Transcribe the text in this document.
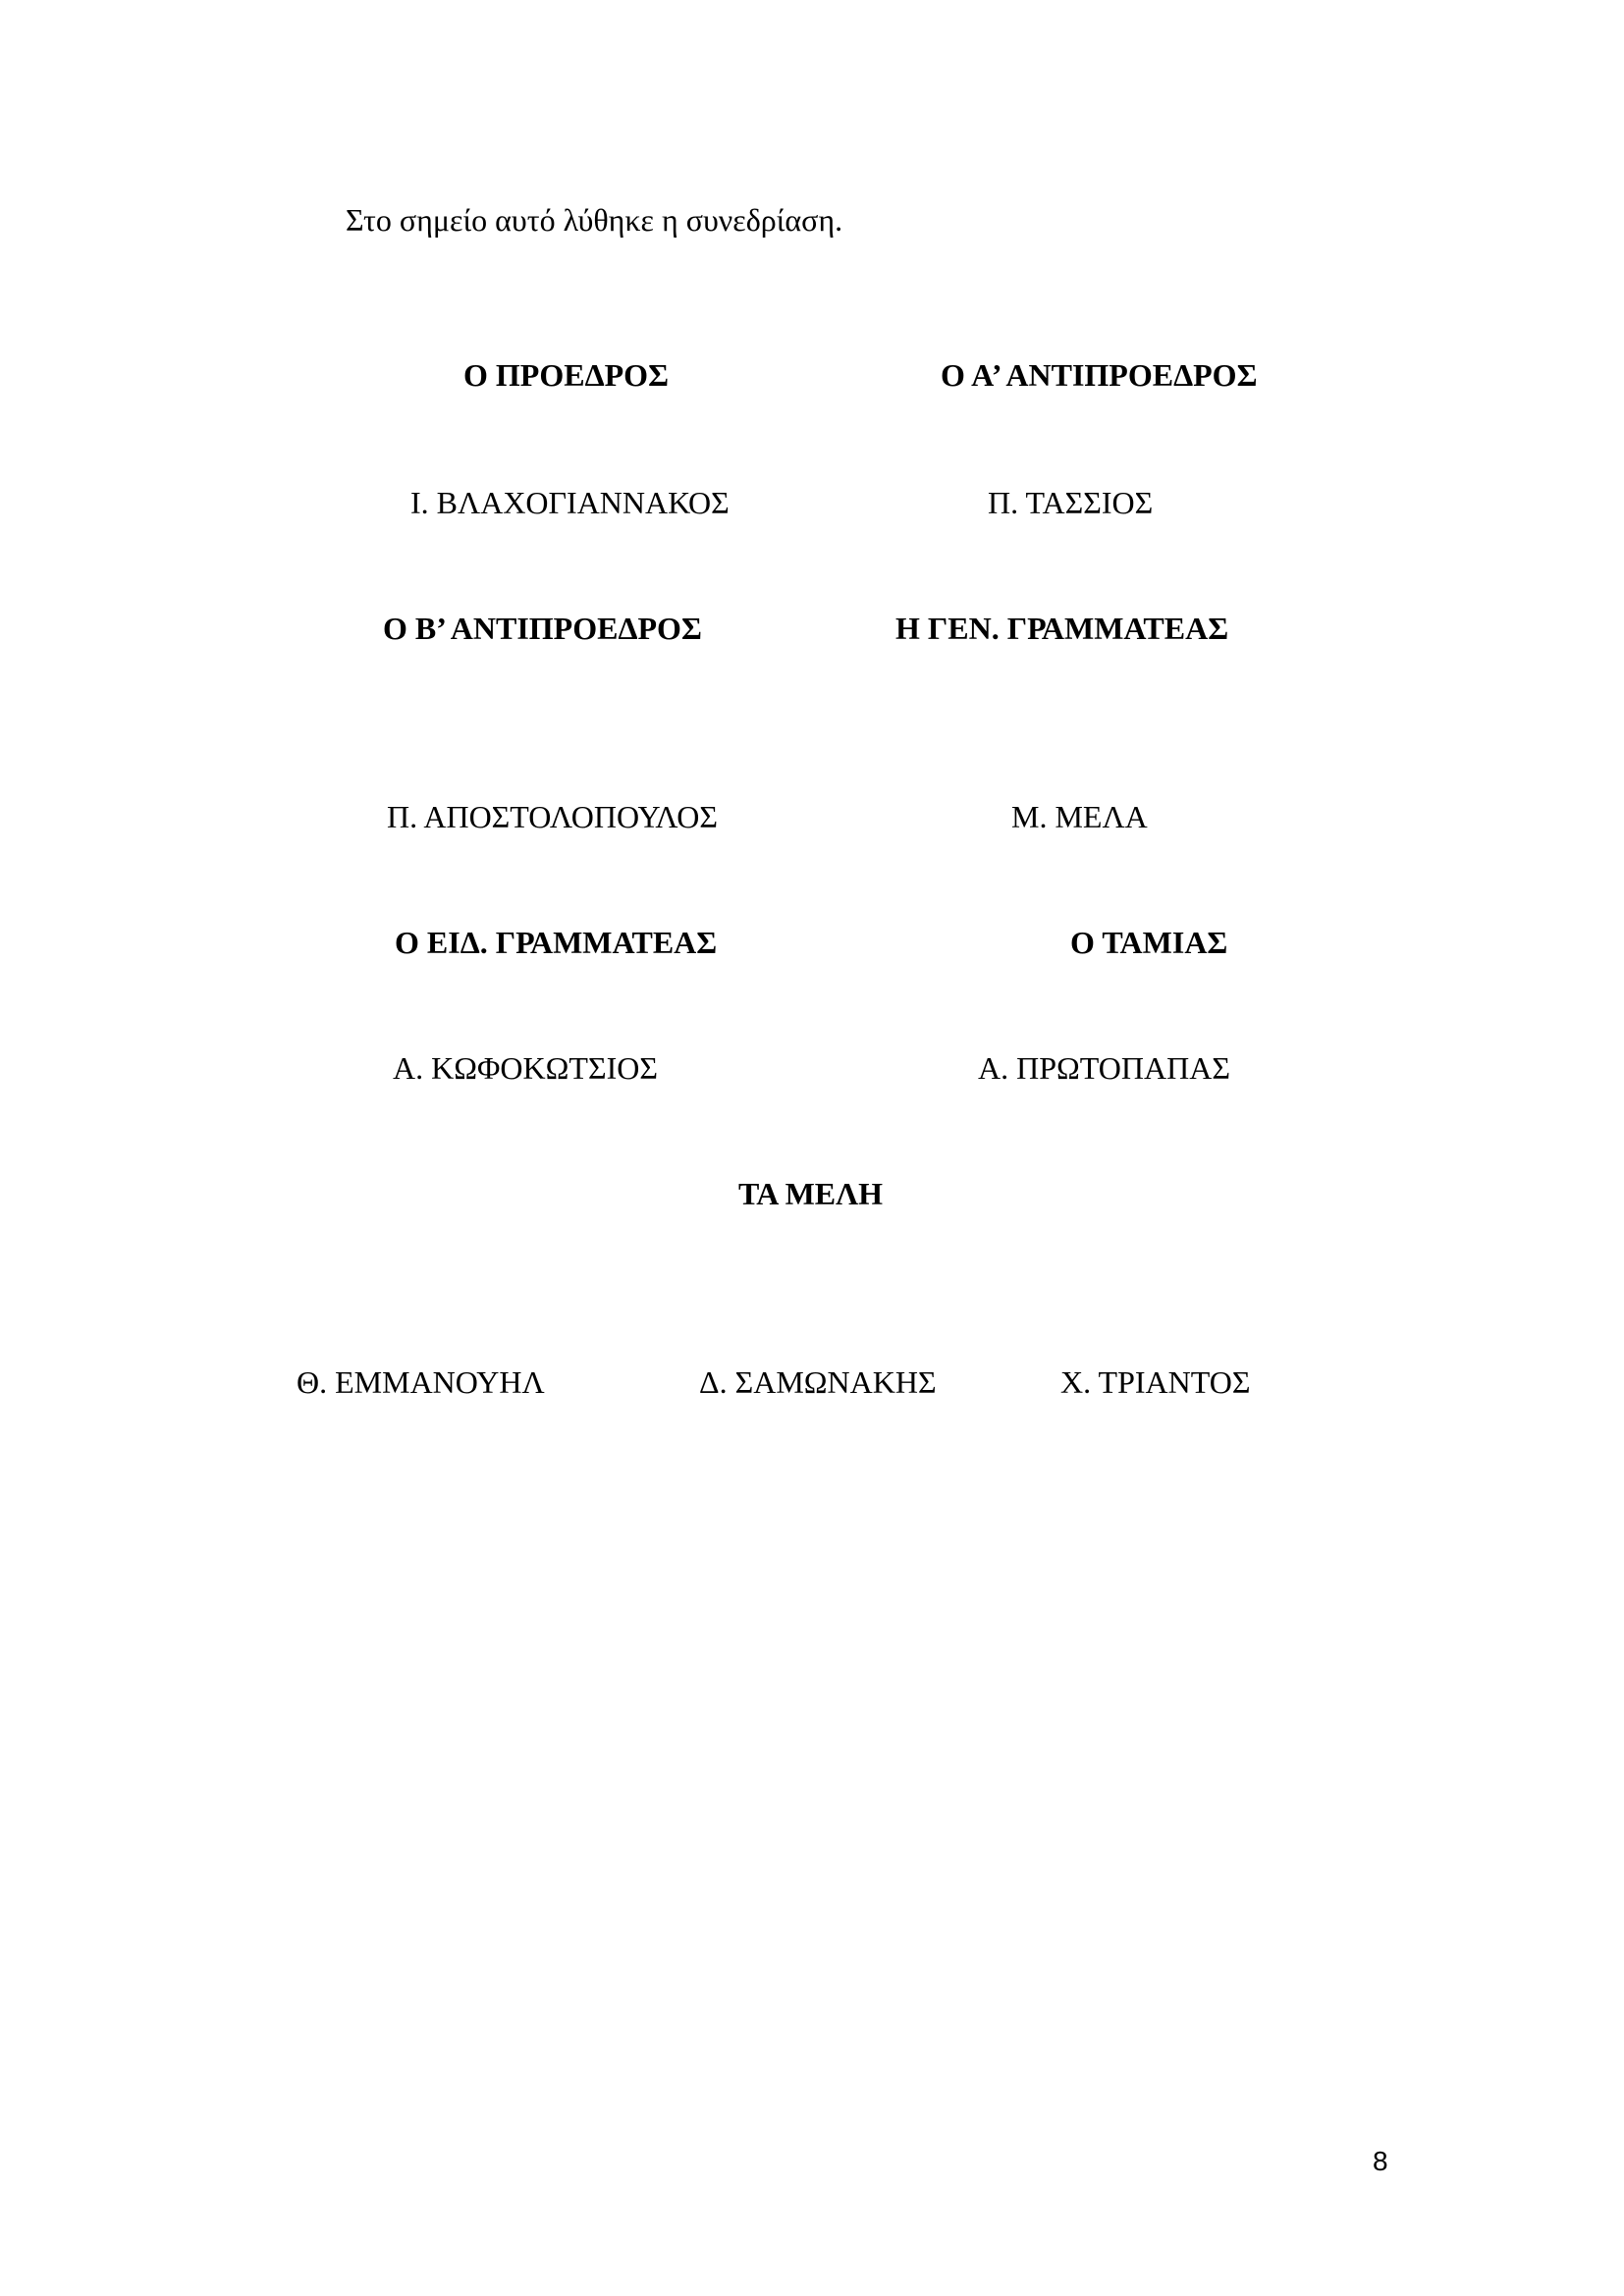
Στο σημείο αυτό λύθηκε η συνεδρίαση.
Ο ΠΡΟΕΔΡΟΣ	Ο Α’ ΑΝΤΙΠΡΟΕΔΡΟΣ
Ι. ΒΛΑΧΟΓΙΑΝΝΑΚΟΣ	Π. ΤΑΣΣΙΟΣ
Ο Β’ ΑΝΤΙΠΡΟΕΔΡΟΣ	Η ΓΕΝ. ΓΡΑΜΜΑΤΕΑΣ
Π. ΑΠΟΣΤΟΛΟΠΟΥΛΟΣ	Μ. ΜΕΛΑ
Ο ΕΙΔ. ΓΡΑΜΜΑΤΕΑΣ	Ο ΤΑΜΙΑΣ
Α. ΚΩΦΟΚΩΤΣΙΟΣ	Α. ΠΡΩΤΟΠΑΠΑΣ
ΤΑ ΜΕΛΗ
Θ. ΕΜΜΑΝΟΥΗΛ	Δ. ΣΑΜΩΝΑΚΗΣ	Χ. ΤΡΙΑΝΤΟΣ
8
